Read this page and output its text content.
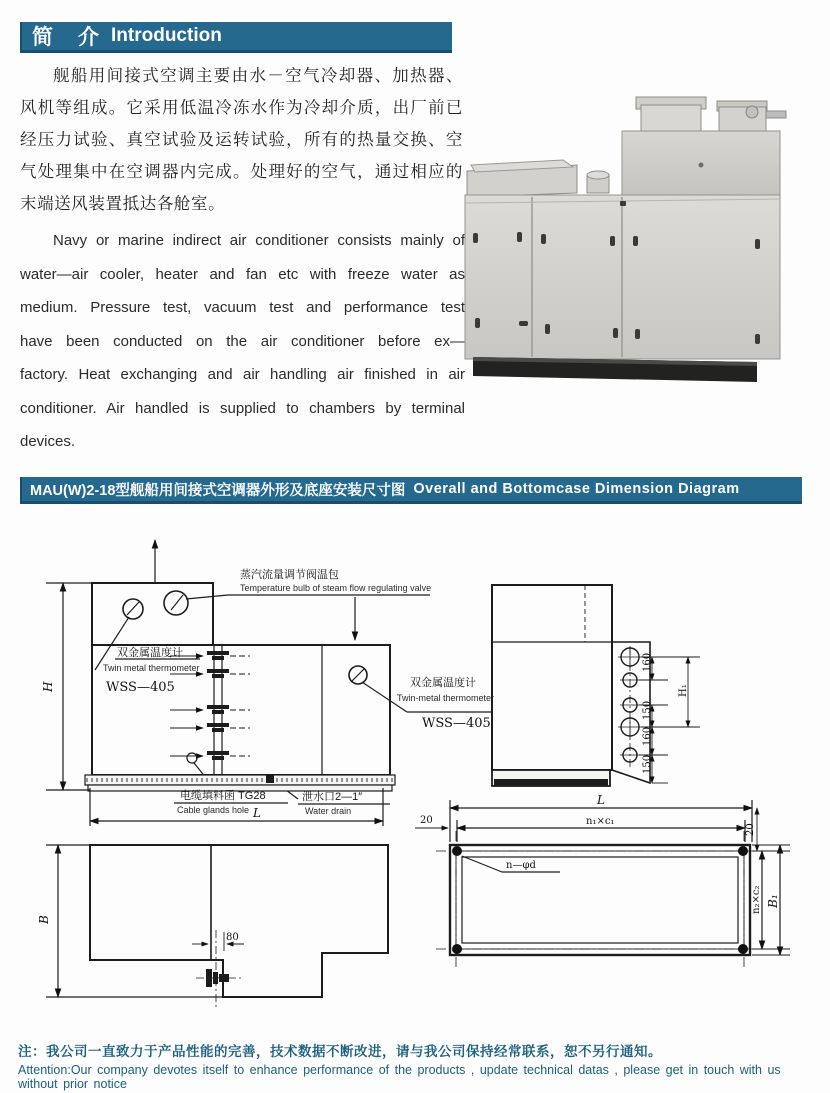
简　介 Introduction
舰船用间接式空调主要由水－空气冷却器、加热器、风机等组成。它采用低温冷冻水作为冷却介质，出厂前已经压力试验、真空试验及运转试验，所有的热量交换、空气处理集中在空调器内完成。处理好的空气，通过相应的末端送风装置抵达各舱室。
Navy or marine indirect air conditioner consists mainly of water—air cooler, heater and fan etc with freeze water as medium. Pressure test, vacuum test and performance test have been conducted on the air conditioner before ex—factory. Heat exchanging and air handling air finished in air conditioner. Air handled is supplied to chambers by terminal devices.
MAU(W)2-18型舰船用间接式空调器外形及底座安装尺寸图 Overall and Bottomcase Dimension Diagram
蒸汽流量调节阀温包
Temperature bulb of steam flow regulating valve
双金属温度计
Twin metal thermometer
WSS—405	双金属温度计
Twin-metal thermometer
WSS—405
电缆填料函 TG28
Cable glands hole
泄水口2—1″
Water drain
H
L
B
80
160
H₁
150
160
150
L
n₁×c₁
20
20
n₂×c₂ B₁
n—φd
注：我公司一直致力于产品性能的完善，技术数据不断改进，请与我公司保持经常联系，恕不另行通知。
Attention:Our company devotes itself to enhance performance of the products , update technical datas , please get in touch with us without prior notice
